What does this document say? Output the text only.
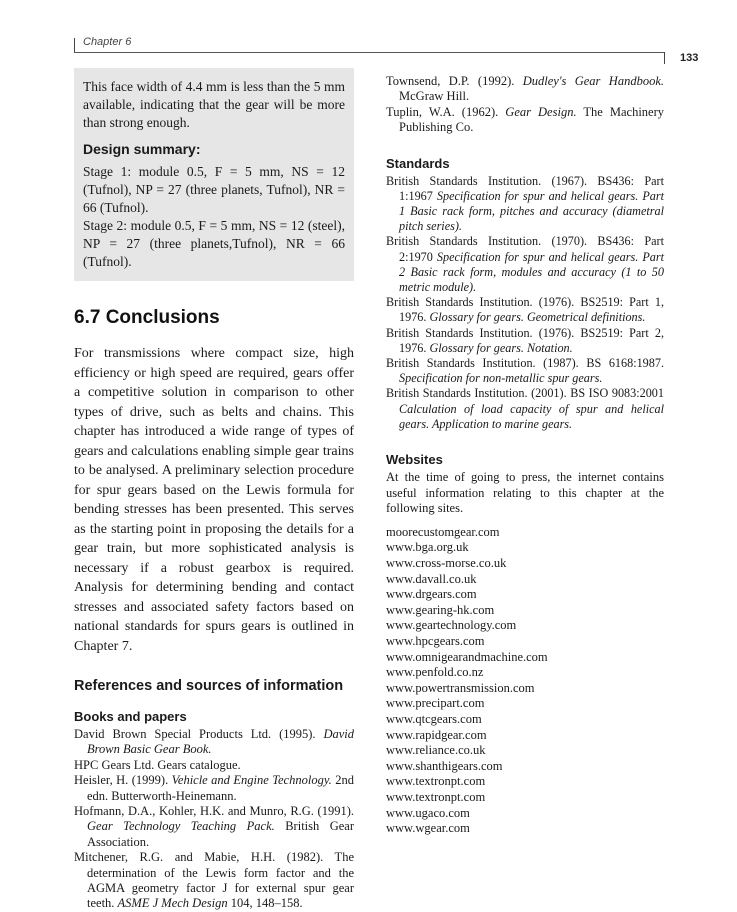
Chapter 6
133

This face width of 4.4 mm is less than the 5 mm available, indicating that the gear will be more than strong enough.

Design summary:

Stage 1: module 0.5, F = 5 mm, NS = 12 (Tufnol), NP = 27 (three planets, Tufnol), NR = 66 (Tufnol).

Stage 2: module 0.5, F = 5 mm, NS = 12 (steel), NP = 27 (three planets,Tufnol), NR = 66 (Tufnol).

6.7 Conclusions

For transmissions where compact size, high efficiency or high speed are required, gears offer a competitive solution in comparison to other types of drive, such as belts and chains. This chapter has introduced a wide range of types of gears and calculations enabling simple gear trains to be analysed. A preliminary selection procedure for spur gears based on the Lewis formula for bending stresses has been presented. This serves as the starting point in proposing the details for a gear train, but more sophisticated analysis is necessary if a robust gearbox is required. Analysis for determining bending and contact stresses and associated safety factors based on national standards for spurs gears is outlined in Chapter 7.

References and sources of information
Books and papers
David Brown Special Products Ltd. (1995). David Brown Basic Gear Book.
HPC Gears Ltd. Gears catalogue.
Heisler, H. (1999). Vehicle and Engine Technology. 2nd edn. Butterworth-Heinemann.
Hofmann, D.A., Kohler, H.K. and Munro, R.G. (1991). Gear Technology Teaching Pack. British Gear Association.
Mitchener, R.G. and Mabie, H.H. (1982). The determination of the Lewis form factor and the AGMA geometry factor J for external spur gear teeth. ASME J Mech Design 104, 148–158.
Townsend, D.P. (1992). Dudley's Gear Handbook. McGraw Hill.
Tuplin, W.A. (1962). Gear Design. The Machinery Publishing Co.
Standards
British Standards Institution. (1967). BS436: Part 1:1967 Specification for spur and helical gears. Part 1 Basic rack form, pitches and accuracy (diametral pitch series).
British Standards Institution. (1970). BS436: Part 2:1970 Specification for spur and helical gears. Part 2 Basic rack form, modules and accuracy (1 to 50 metric module).
British Standards Institution. (1976). BS2519: Part 1, 1976. Glossary for gears. Geometrical definitions.
British Standards Institution. (1976). BS2519: Part 2, 1976. Glossary for gears. Notation.
British Standards Institution. (1987). BS 6168:1987. Specification for non-metallic spur gears.
British Standards Institution. (2001). BS ISO 9083:2001 Calculation of load capacity of spur and helical gears. Application to marine gears.
Websites

At the time of going to press, the internet contains useful information relating to this chapter at the following sites.

moorecustomgear.com
www.bga.org.uk
www.cross-morse.co.uk
www.davall.co.uk
www.drgears.com
www.gearing-hk.com
www.geartechnology.com
www.hpcgears.com
www.omnigearandmachine.com
www.penfold.co.nz
www.powertransmission.com
www.precipart.com
www.qtcgears.com
www.rapidgear.com
www.reliance.co.uk
www.shanthigears.com
www.textronpt.com
www.textronpt.com
www.ugaco.com
www.wgear.com
